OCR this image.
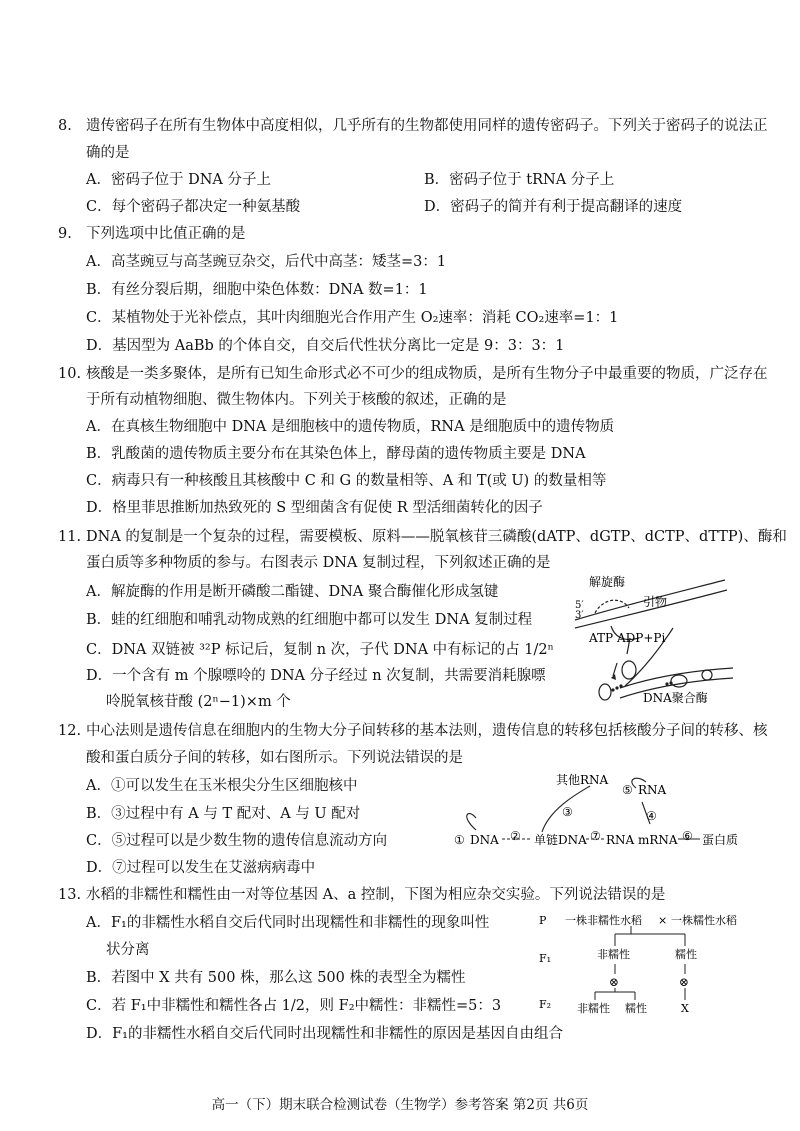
8. 遗传密码子在所有生物体中高度相似，几乎所有的生物都使用同样的遗传密码子。下列关于密码子的说法正
确的是
A．密码子位于 DNA 分子上	B．密码子位于 tRNA 分子上
C．每个密码子都决定一种氨基酸	D．密码子的简并有利于提高翻译的速度
9. 下列选项中比值正确的是
A．高茎豌豆与高茎豌豆杂交，后代中高茎：矮茎=3：1
B．有丝分裂后期，细胞中染色体数：DNA 数=1：1
C．某植物处于光补偿点，其叶肉细胞光合作用产生 O₂速率：消耗 CO₂速率=1：1
D．基因型为 AaBb 的个体自交，自交后代性状分离比一定是 9：3：3：1
10. 核酸是一类多聚体，是所有已知生命形式必不可少的组成物质，是所有生物分子中最重要的物质，广泛存在
于所有动植物细胞、微生物体内。下列关于核酸的叙述，正确的是
A．在真核生物细胞中 DNA 是细胞核中的遗传物质，RNA 是细胞质中的遗传物质
B．乳酸菌的遗传物质主要分布在其染色体上，酵母菌的遗传物质主要是 DNA
C．病毒只有一种核酸且其核酸中 C 和 G 的数量相等、A 和 T(或 U) 的数量相等
D．格里菲思推断加热致死的 S 型细菌含有促使 R 型活细菌转化的因子
11. DNA 的复制是一个复杂的过程，需要模板、原料——脱氧核苷三磷酸(dATP、dGTP、dCTP、dTTP)、酶和
蛋白质等多种物质的参与。右图表示 DNA 复制过程，下列叙述正确的是
A．解旋酶的作用是断开磷酸二酯键、DNA 聚合酶催化形成氢键
B．蛙的红细胞和哺乳动物成熟的红细胞中都可以发生 DNA 复制过程
C．DNA 双链被 ³²P 标记后，复制 n 次，子代 DNA 中有标记的占 1/2ⁿ
D．一个含有 m 个腺嘌呤的 DNA 分子经过 n 次复制，共需要消耗腺嘌
呤脱氧核苷酸 (2ⁿ−1)×m 个
解旋酶
引物
5′
3′
ATP ADP+Pi
DNA聚合酶
12. 中心法则是遗传信息在细胞内的生物大分子间转移的基本法则，遗传信息的转移包括核酸分子间的转移、核
酸和蛋白质分子间的转移，如右图所示。下列说法错误的是
A．①可以发生在玉米根尖分生区细胞核中
B．③过程中有 A 与 T 配对、A 与 U 配对
C．⑤过程可以是少数生物的遗传信息流动方向
D．⑦过程可以发生在艾滋病病毒中
其他RNA
⑤ RNA
③	④
① DNA ② 单链DNA ⑦ RNA mRNA ⑥ 蛋白质
13. 水稻的非糯性和糯性由一对等位基因 A、a 控制，下图为相应杂交实验。下列说法错误的是
A．F₁的非糯性水稻自交后代同时出现糯性和非糯性的现象叫性
状分离
B．若图中 X 共有 500 株，那么这 500 株的表型全为糯性
C．若 F₁中非糯性和糯性各占 1/2，则 F₂中糯性：非糯性=5：3
D．F₁的非糯性水稻自交后代同时出现糯性和非糯性的原因是基因自由组合
P 一株非糯性水稻 × 一株糯性水稻
F₁	非糯性	糯性
⊗	⊗
F₂ 非糯性 糯性	X
高一（下）期末联合检测试卷（生物学）参考答案 第2页 共6页
